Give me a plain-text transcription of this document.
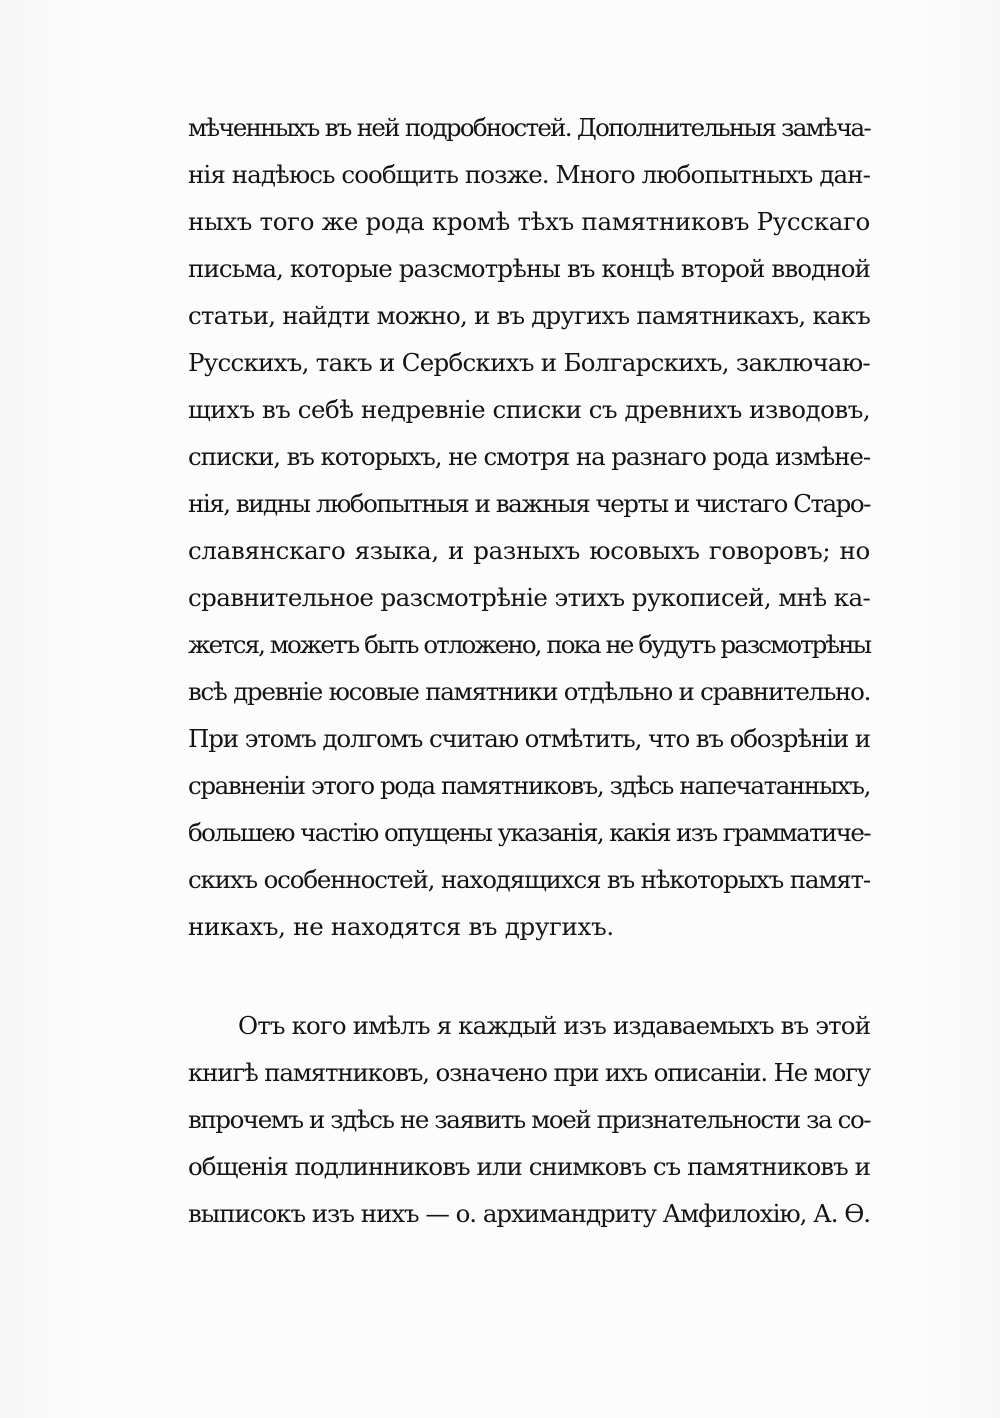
мѣченныхъ въ ней подробностей. Дополнительныя замѣча-
нія надѣюсь сообщить позже. Много любопытныхъ дан-
ныхъ того же рода кромѣ тѣхъ памятниковъ Русскаго
письма, которые разсмотрѣны въ концѣ второй вводной
статьи, найдти можно, и въ другихъ памятникахъ, какъ
Русскихъ, такъ и Сербскихъ и Болгарскихъ, заключаю-
щихъ въ себѣ недревніе списки съ древнихъ изводовъ,
списки, въ которыхъ, не смотря на разнаго рода измѣне-
нія, видны любопытныя и важныя черты и чистаго Старо-
славянскаго языка, и разныхъ юсовыхъ говоровъ; но
сравнительное разсмотрѣніе этихъ рукописей, мнѣ ка-
жется, можетъ быть отложено, пока не будутъ разсмотрѣны
всѣ древніе юсовые памятники отдѣльно и сравнительно.
При этомъ долгомъ считаю отмѣтить, что въ обозрѣніи и
сравненіи этого рода памятниковъ, здѣсь напечатанныхъ,
большею частію опущены указанія, какія изъ грамматиче-
скихъ особенностей, находящихся въ нѣкоторыхъ памят-
никахъ, не находятся въ другихъ.
Отъ кого имѣлъ я каждый изъ издаваемыхъ въ этой
книгѣ памятниковъ, означено при ихъ описаніи. Не могу
впрочемъ и здѣсь не заявить моей признательности за со-
общенія подлинниковъ или снимковъ съ памятниковъ и
выписокъ изъ нихъ — о. архимандриту Амфилохію, А. Ѳ.
